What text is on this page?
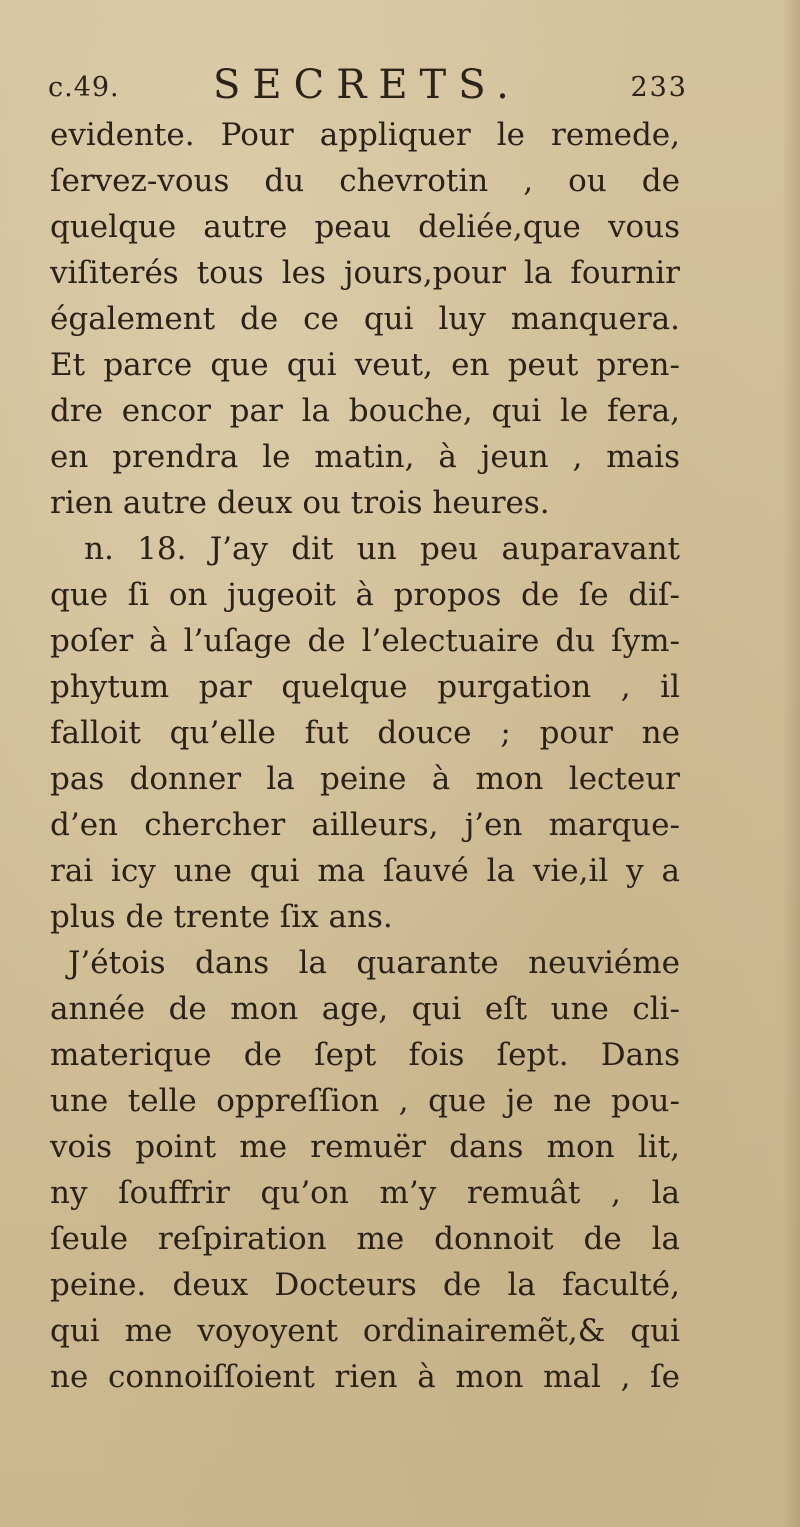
c.49. SECRETS.	233
evidente. Pour appliquer le remede,
ſervez-vous du chevrotin , ou de
quelque autre peau deliée,que vous
viſiterés tous les jours,pour la fournir
également de ce qui luy manquera.
Et parce que qui veut, en peut pren-
dre encor par la bouche, qui le fera,
en prendra le matin, à jeun , mais
rien autre deux ou trois heures.
n. 18. J’ay dit un peu auparavant
que ſi on jugeoit à propos de ſe diſ-
poſer à l’uſage de l’electuaire du ſym-
phytum par quelque purgation , il
falloit qu’elle fut douce ; pour ne
pas donner la peine à mon lecteur
d’en chercher ailleurs, j’en marque-
rai icy une qui ma ſauvé la vie,il y a
plus de trente ſix ans.
J’étois dans la quarante neuviéme
année de mon age, qui eſt une cli-
materique de ſept fois ſept. Dans
une telle oppreſſion , que je ne pou-
vois point me remuër dans mon lit,
ny ſouffrir qu’on m’y remuât , la
ſeule reſpiration me donnoit de la
peine. deux Docteurs de la faculté,
qui me voyoyent ordinairemẽt,& qui
ne connoiſſoient rien à mon mal , ſe
